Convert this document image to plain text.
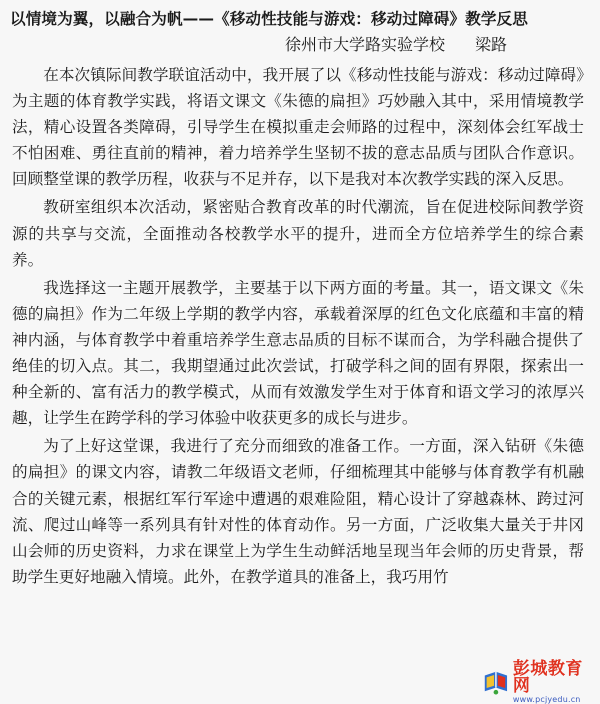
以情境为翼，以融合为帆——《移动性技能与游戏：移动过障碍》教学反思
徐州市大学路实验学校 梁路

在本次镇际间教学联谊活动中，我开展了以《移动性技能与游戏：移动过障碍》为主题的体育教学实践，将语文课文《朱德的扁担》巧妙融入其中，采用情境教学法，精心设置各类障碍，引导学生在模拟重走会师路的过程中，深刻体会红军战士不怕困难、勇往直前的精神，着力培养学生坚韧不拔的意志品质与团队合作意识。回顾整堂课的教学历程，收获与不足并存，以下是我对本次教学实践的深入反思。

教研室组织本次活动，紧密贴合教育改革的时代潮流，旨在促进校际间教学资源的共享与交流，全面推动各校教学水平的提升，进而全方位培养学生的综合素养。

我选择这一主题开展教学，主要基于以下两方面的考量。其一，语文课文《朱德的扁担》作为二年级上学期的教学内容，承载着深厚的红色文化底蕴和丰富的精神内涵，与体育教学中着重培养学生意志品质的目标不谋而合，为学科融合提供了绝佳的切入点。其二，我期望通过此次尝试，打破学科之间的固有界限，探索出一种全新的、富有活力的教学模式，从而有效激发学生对于体育和语文学习的浓厚兴趣，让学生在跨学科的学习体验中收获更多的成长与进步。

为了上好这堂课，我进行了充分而细致的准备工作。一方面，深入钻研《朱德的扁担》的课文内容，请教二年级语文老师，仔细梳理其中能够与体育教学有机融合的关键元素，根据红军行军途中遭遇的艰难险阻，精心设计了穿越森林、跨过河流、爬过山峰等一系列具有针对性的体育动作。另一方面，广泛收集大量关于井冈山会师的历史资料，力求在课堂上为学生生动鲜活地呈现当年会师的历史背景，帮助学生更好地融入情境。此外，在教学道具的准备上，我巧用竹

彭城教育网
www.pcjyedu.cn
